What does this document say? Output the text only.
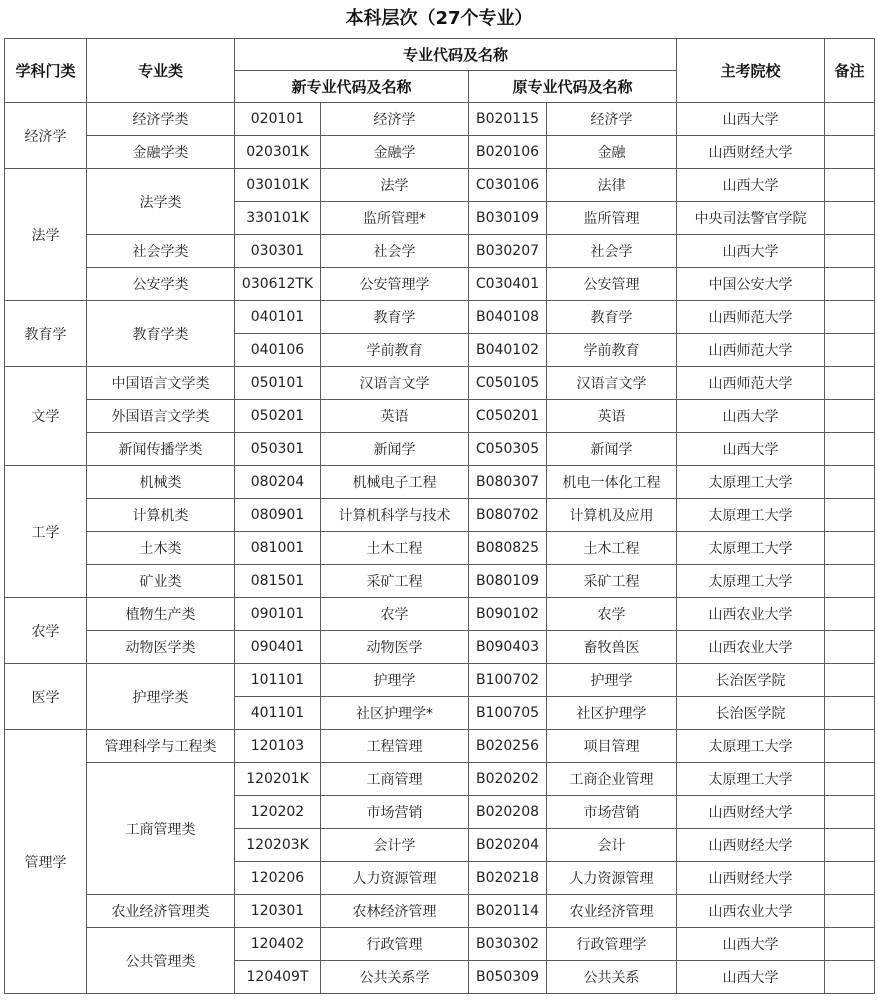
本科层次（27个专业）
学科门类	专业类	专业代码及名称				主考院校	备注
		新专业代码及名称		原专业代码及名称			
经济学	经济学类	020101	经济学	B020115	经济学	山西大学	
	金融学类	020301K	金融学	B020106	金融	山西财经大学	
法学	法学类	030101K	法学	C030106	法律	山西大学	
		330101K	监所管理*	B030109	监所管理	中央司法警官学院	
	社会学类	030301	社会学	B030207	社会学	山西大学	
	公安学类	030612TK	公安管理学	C030401	公安管理	中国公安大学	
教育学	教育学类	040101	教育学	B040108	教育学	山西师范大学	
		040106	学前教育	B040102	学前教育	山西师范大学	
文学	中国语言文学类	050101	汉语言文学	C050105	汉语言文学	山西师范大学	
	外国语言文学类	050201	英语	C050201	英语	山西大学	
	新闻传播学类	050301	新闻学	C050305	新闻学	山西大学	
工学	机械类	080204	机械电子工程	B080307	机电一体化工程	太原理工大学	
	计算机类	080901	计算机科学与技术	B080702	计算机及应用	太原理工大学	
	土木类	081001	土木工程	B080825	土木工程	太原理工大学	
	矿业类	081501	采矿工程	B080109	采矿工程	太原理工大学	
农学	植物生产类	090101	农学	B090102	农学	山西农业大学	
	动物医学类	090401	动物医学	B090403	畜牧兽医	山西农业大学	
医学	护理学类	101101	护理学	B100702	护理学	长治医学院	
		401101	社区护理学*	B100705	社区护理学	长治医学院	
管理学	管理科学与工程类	120103	工程管理	B020256	项目管理	太原理工大学	
	工商管理类	120201K	工商管理	B020202	工商企业管理	太原理工大学	
		120202	市场营销	B020208	市场营销	山西财经大学	
		120203K	会计学	B020204	会计	山西财经大学	
		120206	人力资源管理	B020218	人力资源管理	山西财经大学	
	农业经济管理类	120301	农林经济管理	B020114	农业经济管理	山西农业大学	
	公共管理类	120402	行政管理	B030302	行政管理学	山西大学	
		120409T	公共关系学	B050309	公共关系	山西大学	
